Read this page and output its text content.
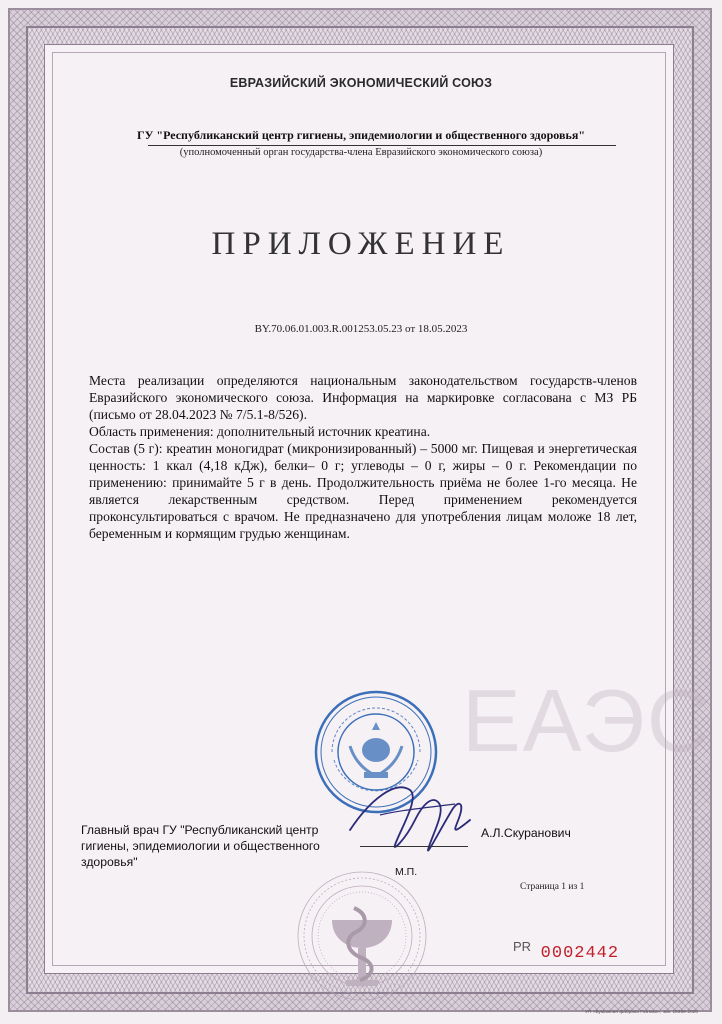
ЕВРАЗИЙСКИЙ ЭКОНОМИЧЕСКИЙ СОЮЗ
ГУ "Республиканский центр гигиены, эпидемиологии и общественного здоровья"
(уполномоченный орган государства-члена Евразийского экономического союза)
ПРИЛОЖЕНИЕ
BY.70.06.01.003.R.001253.05.23 от 18.05.2023

Места реализации определяются национальным законодательством государств-членов Евразийского экономического союза. Информация на маркировке согласована с МЗ РБ (письмо от 28.04.2023 № 7/5.1-8/526).

Область применения: дополнительный источник креатина.

Состав (5 г): креатин моногидрат (микронизированный) – 5000 мг. Пищевая и энергетическая ценность: 1 ккал (4,18 кДж), белки– 0 г; углеводы – 0 г, жиры – 0 г. Рекомендации по применению: принимайте 5 г в день. Продолжительность приёма не более 1-го месяца. Не является лекарственным средством. Перед применением рекомендуется проконсультироваться с врачом. Не предназначено для употребления лицам моложе 18 лет, беременным и кормящим грудью женщинам.

ЕАЭС
Главный врач ГУ "Республиканский центр гигиены, эпидемиологии и общественного здоровья"
А.Л.Скуранович
М.П.
Страница 1 из 1
$^{PR}$ 0002442
УП «Бумажная фабрика Гознака», зак. 18358-2020
